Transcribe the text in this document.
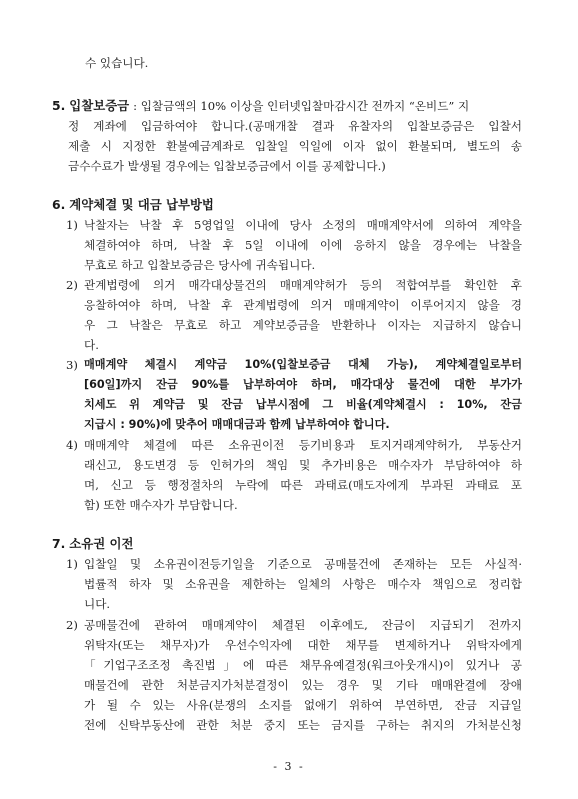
수 있습니다.
5. 입찰보증금 : 입찰금액의 10% 이상을 인터넷입찰마감시간 전까지 “온비드” 지
정 계좌에 입금하여야 합니다.(공매개찰 결과 유찰자의 입찰보증금은 입찰서
제출 시 지정한 환불예금계좌로 입찰일 익일에 이자 없이 환불되며, 별도의 송
금수수료가 발생될 경우에는 입찰보증금에서 이를 공제합니다.)
6. 계약체결 및 대금 납부방법
1) 낙찰자는 낙찰 후 5영업일 이내에 당사 소정의 매매계약서에 의하여 계약을
체결하여야 하며, 낙찰 후 5일 이내에 이에 응하지 않을 경우에는 낙찰을
무효로 하고 입찰보증금은 당사에 귀속됩니다.
2) 관계법령에 의거 매각대상물건의 매매계약허가 등의 적합여부를 확인한 후
응찰하여야 하며, 낙찰 후 관계법령에 의거 매매계약이 이루어지지 않을 경
우 그 낙찰은 무효로 하고 계약보증금을 반환하나 이자는 지급하지 않습니
다.
3) 매매계약 체결시 계약금 10%(입찰보증금 대체 가능), 계약체결일로부터
[60일]까지 잔금 90%를 납부하여야 하며, 매각대상 물건에 대한 부가가
치세도 위 계약금 및 잔금 납부시점에 그 비율(계약체결시 : 10%, 잔금
지급시 : 90%)에 맞추어 매매대금과 함께 납부하여야 합니다.
4) 매매계약 체결에 따른 소유권이전 등기비용과 토지거래계약허가, 부동산거
래신고, 용도변경 등 인허가의 책임 및 추가비용은 매수자가 부담하여야 하
며, 신고 등 행정절차의 누락에 따른 과태료(매도자에게 부과된 과태료 포
함) 또한 매수자가 부담합니다.
7. 소유권 이전
1) 입찰일 및 소유권이전등기일을 기준으로 공매물건에 존재하는 모든 사실적·
법률적 하자 및 소유권을 제한하는 일체의 사항은 매수자 책임으로 정리합
니다.
2) 공매물건에 관하여 매매계약이 체결된 이후에도, 잔금이 지급되기 전까지
위탁자(또는 채무자)가 우선수익자에 대한 채무를 변제하거나 위탁자에게
「기업구조조정 촉진법」에 따른 채무유예결정(워크아웃개시)이 있거나 공
매물건에 관한 처분금지가처분결정이 있는 경우 및 기타 매매완결에 장애
가 될 수 있는 사유(분쟁의 소지를 없애기 위하여 부연하면, 잔금 지급일
전에 신탁부동산에 관한 처분 중지 또는 금지를 구하는 취지의 가처분신청
- 3 -
